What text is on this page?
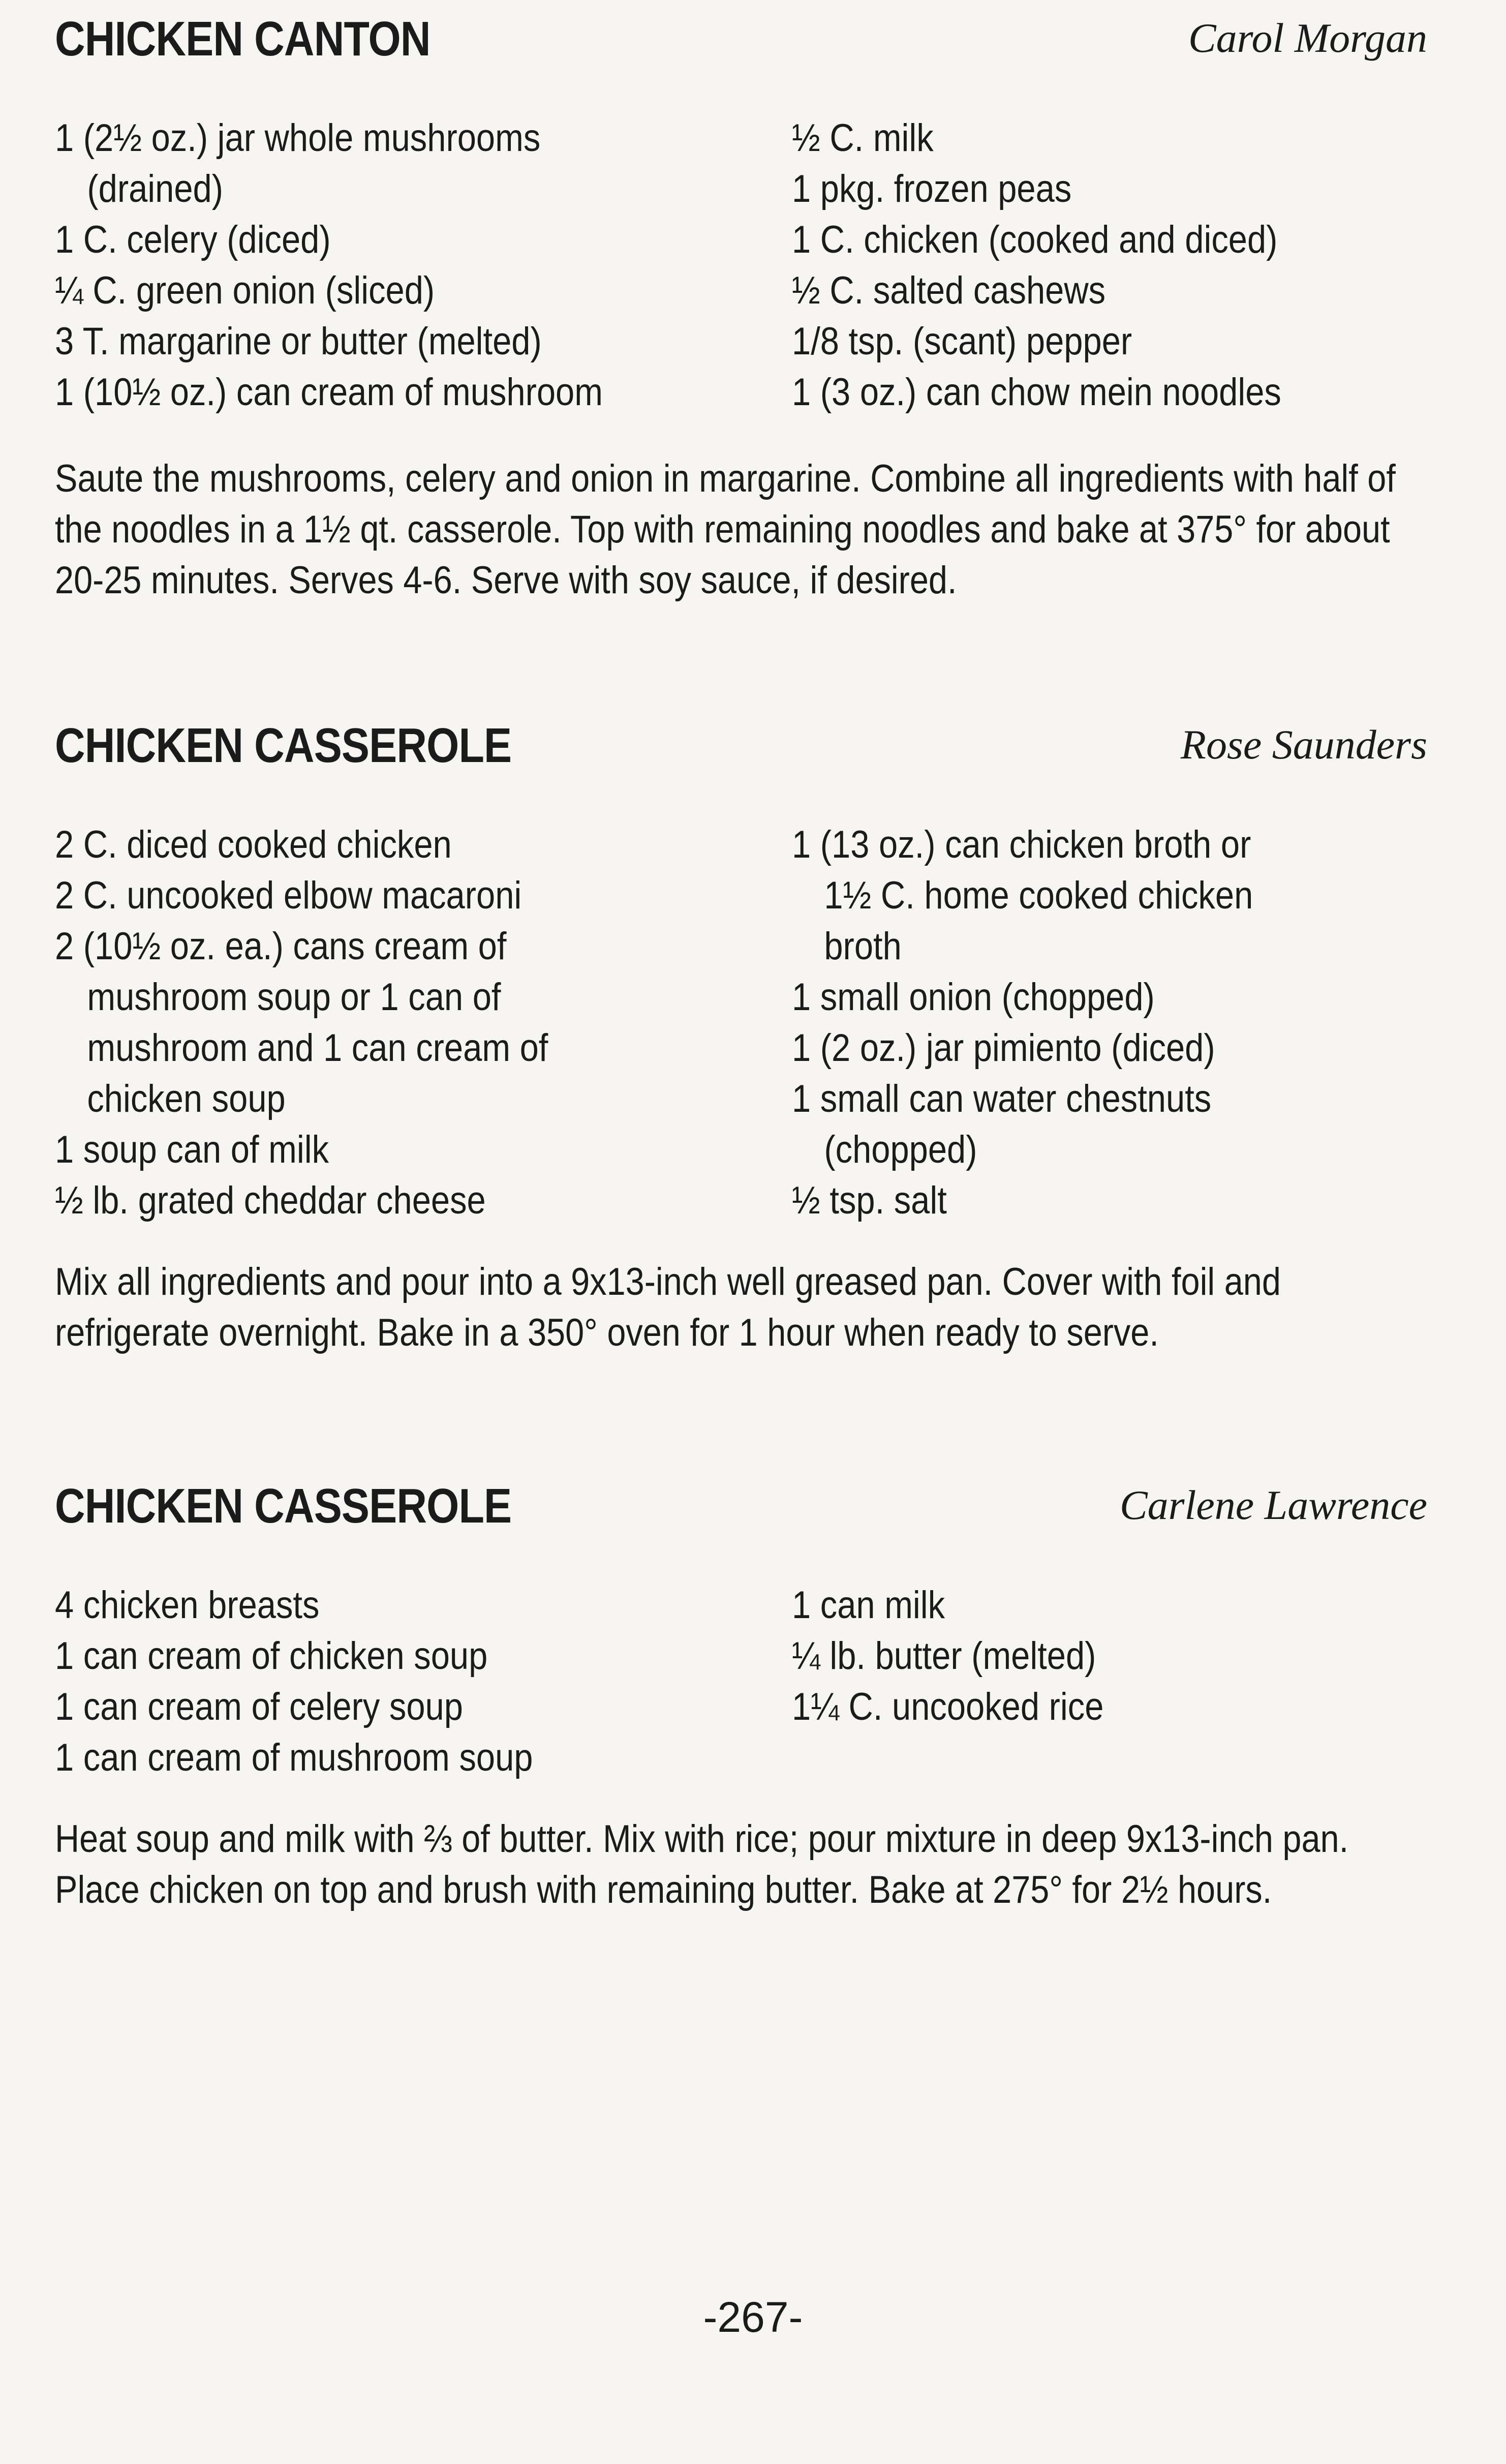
CHICKEN CANTON	Carol Morgan
1 (2½ oz.) jar whole mushrooms
(drained)
1 C. celery (diced)
¼ C. green onion (sliced)
3 T. margarine or butter (melted)
1 (10½ oz.) can cream of mushroom
½ C. milk
1 pkg. frozen peas
1 C. chicken (cooked and diced)
½ C. salted cashews
1/8 tsp. (scant) pepper
1 (3 oz.) can chow mein noodles

Saute the mushrooms, celery and onion in margarine. Combine all ingredients with half of the noodles in a 1½ qt. casserole. Top with remaining noodles and bake at 375° for about 20-25 minutes. Serves 4-6. Serve with soy sauce, if desired.

CHICKEN CASSEROLE	Rose Saunders
2 C. diced cooked chicken
2 C. uncooked elbow macaroni
2 (10½ oz. ea.) cans cream of
mushroom soup or 1 can of
mushroom and 1 can cream of
chicken soup
1 soup can of milk
½ lb. grated cheddar cheese
1 (13 oz.) can chicken broth or
1½ C. home cooked chicken
broth
1 small onion (chopped)
1 (2 oz.) jar pimiento (diced)
1 small can water chestnuts
(chopped)
½ tsp. salt

Mix all ingredients and pour into a 9x13-inch well greased pan. Cover with foil and refrigerate overnight. Bake in a 350° oven for 1 hour when ready to serve.

CHICKEN CASSEROLE	Carlene Lawrence
4 chicken breasts
1 can cream of chicken soup
1 can cream of celery soup
1 can cream of mushroom soup
1 can milk
¼ lb. butter (melted)
1¼ C. uncooked rice

Heat soup and milk with ⅔ of butter. Mix with rice; pour mixture in deep 9x13-inch pan. Place chicken on top and brush with remaining butter. Bake at 275° for 2½ hours.

-267-
